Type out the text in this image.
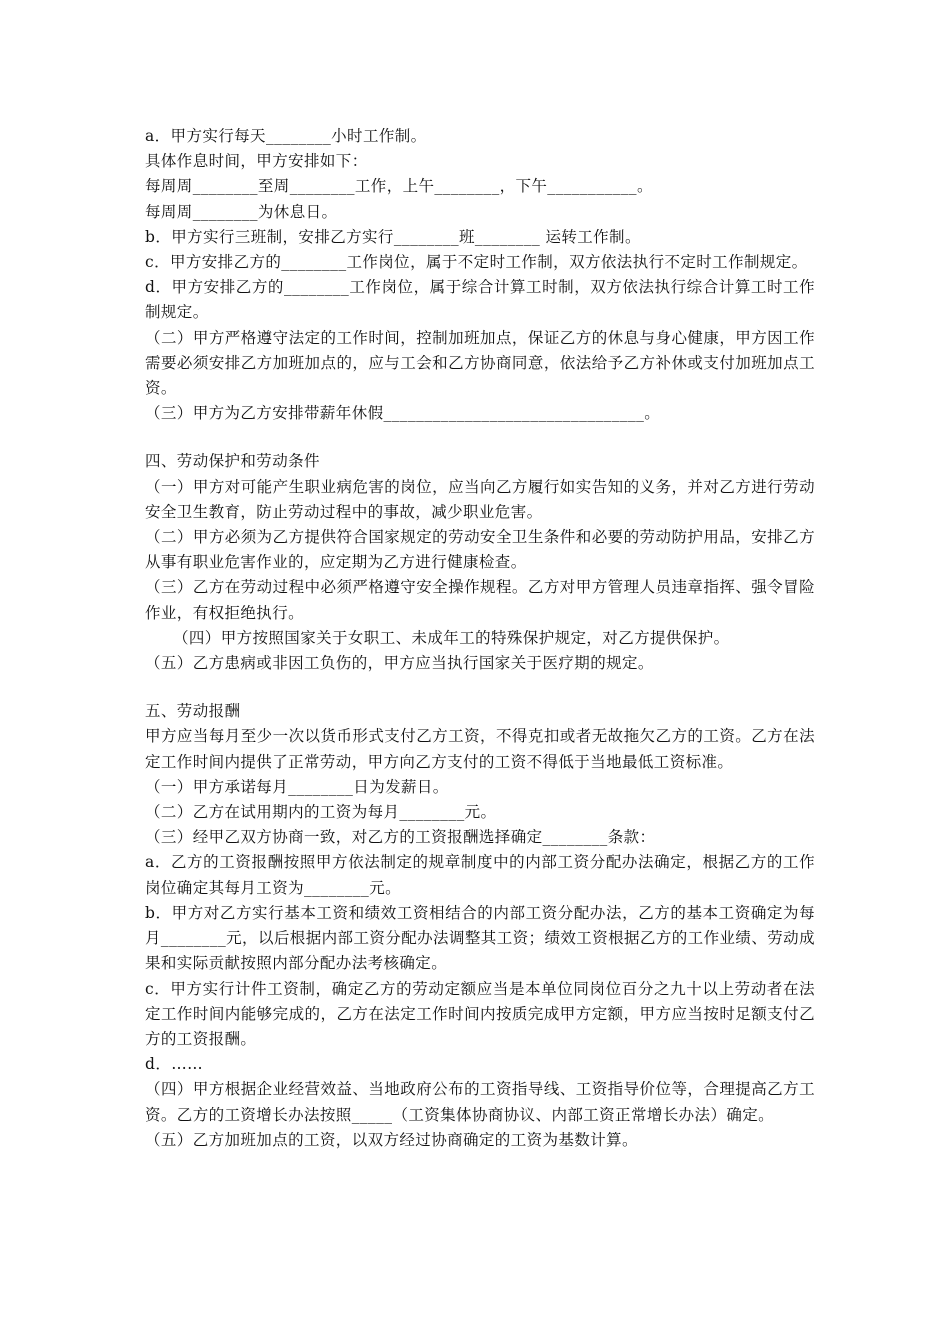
a．甲方实行每天________小时工作制。

具体作息时间，甲方安排如下：

每周周________至周________工作，上午________，下午___________。

每周周________为休息日。

b．甲方实行三班制，安排乙方实行________班________ 运转工作制。

c．甲方安排乙方的________工作岗位，属于不定时工作制，双方依法执行不定时工作制规定。

d．甲方安排乙方的________工作岗位，属于综合计算工时制，双方依法执行综合计算工时工作制规定。

（二）甲方严格遵守法定的工作时间，控制加班加点，保证乙方的休息与身心健康，甲方因工作需要必须安排乙方加班加点的，应与工会和乙方协商同意，依法给予乙方补休或支付加班加点工资。

（三）甲方为乙方安排带薪年休假________________________________。

四、劳动保护和劳动条件

（一）甲方对可能产生职业病危害的岗位，应当向乙方履行如实告知的义务，并对乙方进行劳动安全卫生教育，防止劳动过程中的事故，减少职业危害。

（二）甲方必须为乙方提供符合国家规定的劳动安全卫生条件和必要的劳动防护用品，安排乙方从事有职业危害作业的，应定期为乙方进行健康检查。

（三）乙方在劳动过程中必须严格遵守安全操作规程。乙方对甲方管理人员违章指挥、强令冒险作业，有权拒绝执行。

（四）甲方按照国家关于女职工、未成年工的特殊保护规定，对乙方提供保护。

（五）乙方患病或非因工负伤的，甲方应当执行国家关于医疗期的规定。

五、劳动报酬

甲方应当每月至少一次以货币形式支付乙方工资，不得克扣或者无故拖欠乙方的工资。乙方在法定工作时间内提供了正常劳动，甲方向乙方支付的工资不得低于当地最低工资标准。

（一）甲方承诺每月________日为发薪日。

（二）乙方在试用期内的工资为每月________元。

（三）经甲乙双方协商一致，对乙方的工资报酬选择确定________条款：

a．乙方的工资报酬按照甲方依法制定的规章制度中的内部工资分配办法确定，根据乙方的工作岗位确定其每月工资为________元。

b．甲方对乙方实行基本工资和绩效工资相结合的内部工资分配办法，乙方的基本工资确定为每月________元，以后根据内部工资分配办法调整其工资；绩效工资根据乙方的工作业绩、劳动成果和实际贡献按照内部分配办法考核确定。

c．甲方实行计件工资制，确定乙方的劳动定额应当是本单位同岗位百分之九十以上劳动者在法定工作时间内能够完成的，乙方在法定工作时间内按质完成甲方定额，甲方应当按时足额支付乙方的工资报酬。

d．……

（四）甲方根据企业经营效益、当地政府公布的工资指导线、工资指导价位等，合理提高乙方工资。乙方的工资增长办法按照_____（工资集体协商协议、内部工资正常增长办法）确定。

（五）乙方加班加点的工资，以双方经过协商确定的工资为基数计算。
